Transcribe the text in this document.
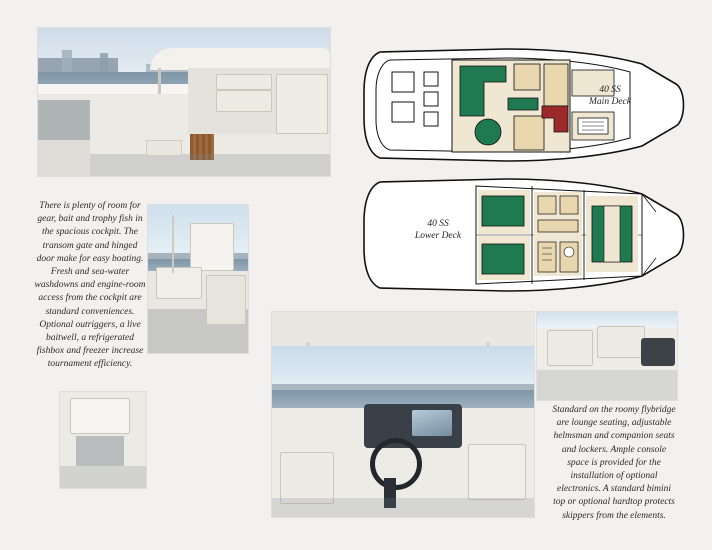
There is plenty of room for gear, bait and trophy fish in the spacious cockpit. The transom gate and hinged door make for easy boating. Fresh and sea-water washdowns and engine-room access from the cockpit are standard conveniences. Optional outriggers, a live baitwell, a refrigerated fishbox and freezer increase tournament efficiency.
Standard on the roomy flybridge are lounge seating, adjustable helmsman and companion seats and lockers. Ample console space is provided for the installation of optional electronics. A standard bimini top or optional hardtop protects skippers from the elements.
40 SS
Main Deck
40 SS
Lower Deck
